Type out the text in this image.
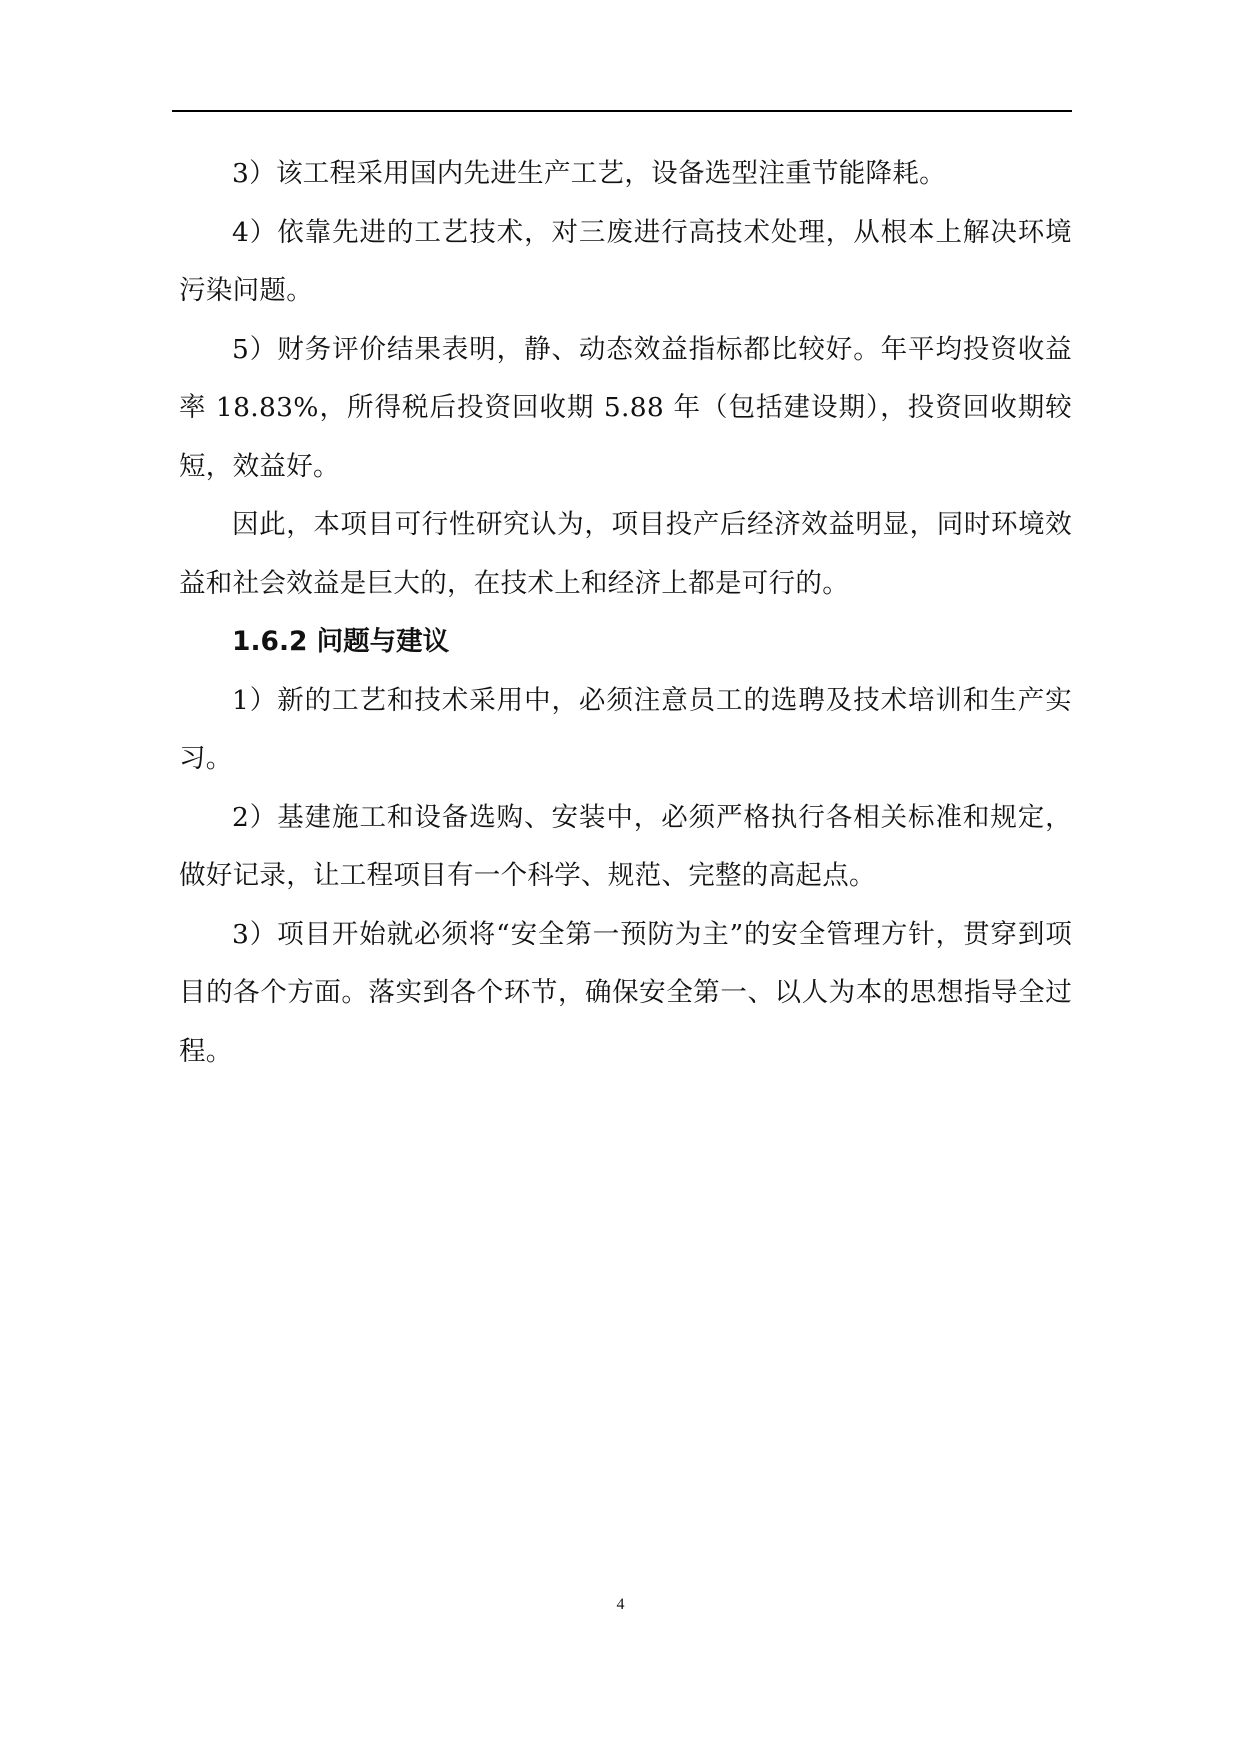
3）该工程采用国内先进生产工艺，设备选型注重节能降耗。

4）依靠先进的工艺技术，对三废进行高技术处理，从根本上解决环境污染问题。

5）财务评价结果表明，静、动态效益指标都比较好。年平均投资收益率 18.83%，所得税后投资回收期 5.88 年（包括建设期），投资回收期较短，效益好。

因此，本项目可行性研究认为，项目投产后经济效益明显，同时环境效益和社会效益是巨大的，在技术上和经济上都是可行的。

1.6.2 问题与建议

1）新的工艺和技术采用中，必须注意员工的选聘及技术培训和生产实习。

2）基建施工和设备选购、安装中，必须严格执行各相关标准和规定，做好记录，让工程项目有一个科学、规范、完整的高起点。

3）项目开始就必须将“安全第一预防为主”的安全管理方针，贯穿到项目的各个方面。落实到各个环节，确保安全第一、以人为本的思想指导全过程。

4
